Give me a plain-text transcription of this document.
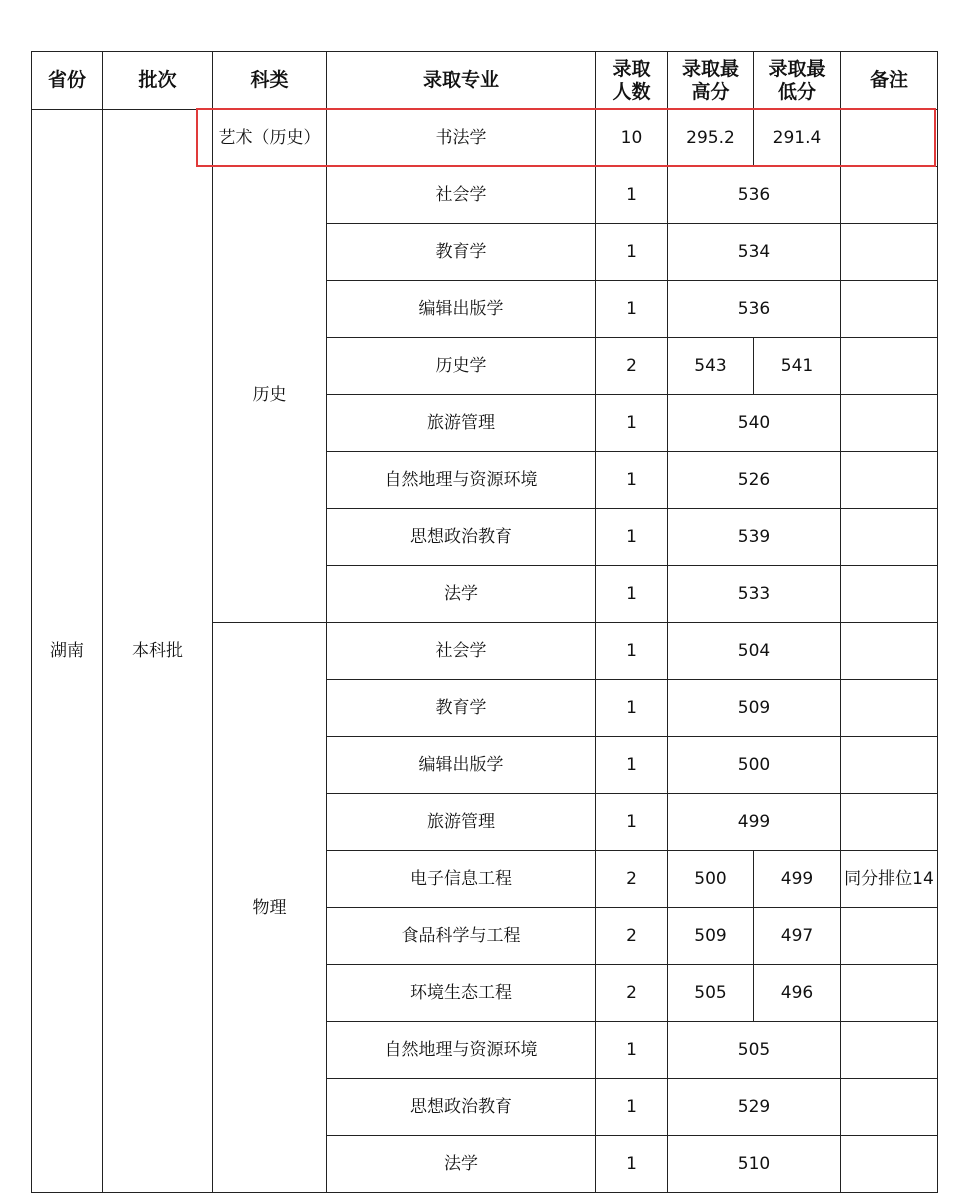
省份	批次	科类	录取专业	录取人数	录取最高分	录取最低分	备注
湖南	本科批	艺术（历史）	书法学	10	295.2	291.4	
		历史	社会学	1	536		
			教育学	1	534		
			编辑出版学	1	536		
			历史学	2	543	541	
			旅游管理	1	540		
			自然地理与资源环境	1	526		
			思想政治教育	1	539		
			法学	1	533		
		物理	社会学	1	504		
			教育学	1	509		
			编辑出版学	1	500		
			旅游管理	1	499		
			电子信息工程	2	500	499	同分排位14
			食品科学与工程	2	509	497	
			环境生态工程	2	505	496	
			自然地理与资源环境	1	505		
			思想政治教育	1	529		
			法学	1	510		
